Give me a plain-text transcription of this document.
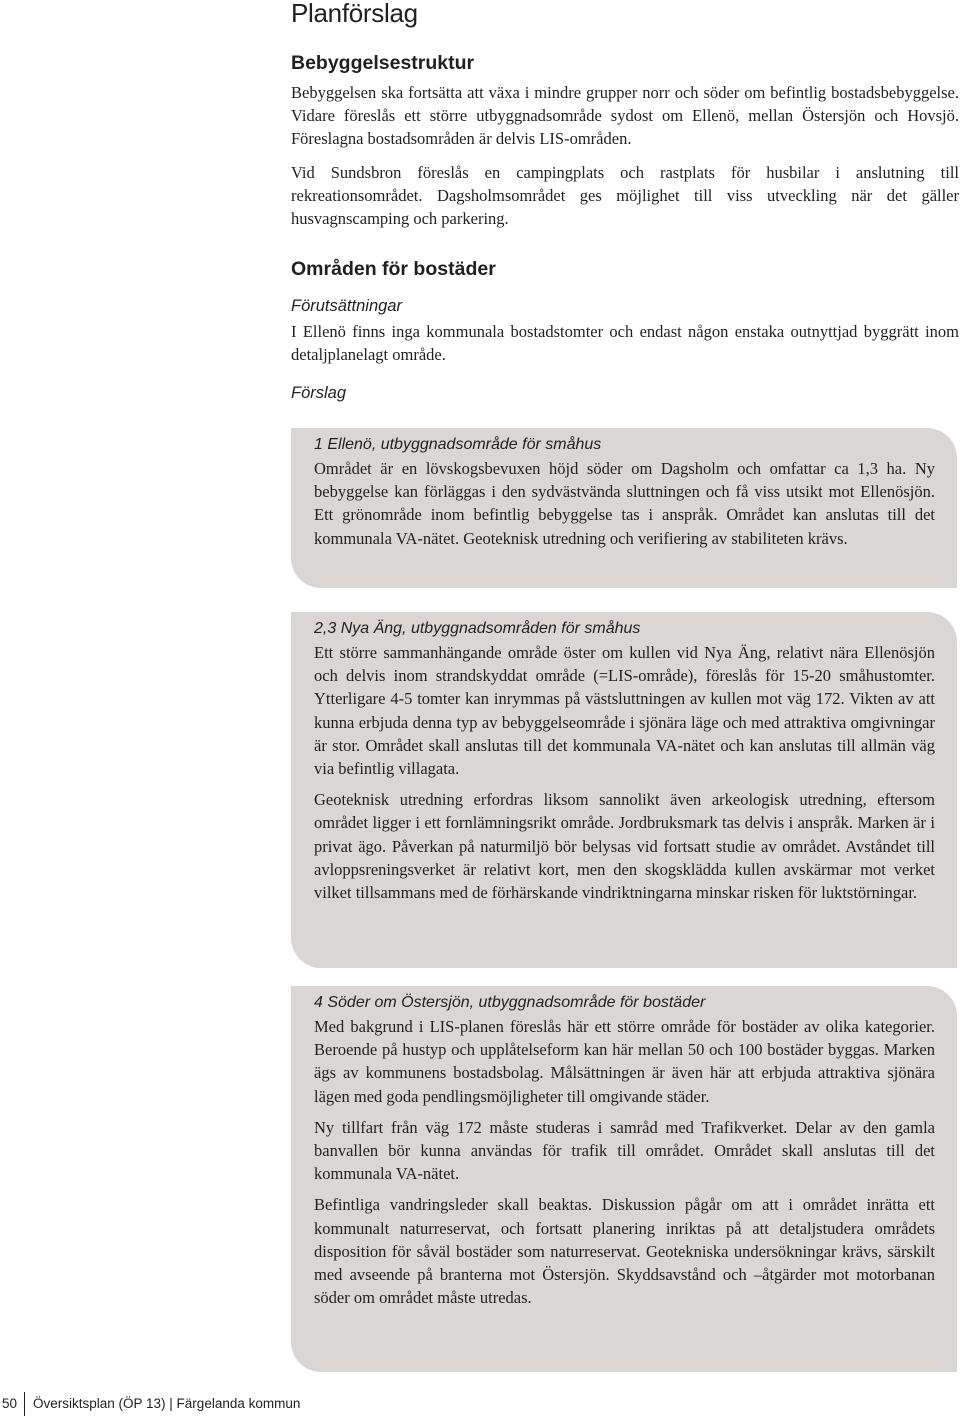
Planförslag
Bebyggelsestruktur

Bebyggelsen ska fortsätta att växa i mindre grupper norr och söder om befintlig bostadsbebyggelse. Vidare föreslås ett större utbyggnadsområde sydost om Ellenö, mellan Östersjön och Hovsjö. Föreslagna bostadsområden är delvis LIS-områden.

Vid Sundsbron föreslås en campingplats och rastplats för husbilar i anslutning till rekreationsområdet. Dagsholmsområdet ges möjlighet till viss utveckling när det gäller husvagnscamping och parkering.

Områden för bostäder

Förutsättningar

I Ellenö finns inga kommunala bostadstomter och endast någon enstaka outnyttjad byggrätt inom detaljplanelagt område.

Förslag

1 Ellenö, utbyggnadsområde för småhus

Området är en lövskogsbevuxen höjd söder om Dagsholm och omfattar ca 1,3 ha. Ny bebyggelse kan förläggas i den sydvästvända sluttningen och få viss utsikt mot Ellenösjön. Ett grönområde inom befintlig bebyggelse tas i anspråk. Området kan anslutas till det kommunala VA-nätet. Geoteknisk utredning och verifiering av stabiliteten krävs.

2,3 Nya Äng, utbyggnadsområden för småhus

Ett större sammanhängande område öster om kullen vid Nya Äng, relativt nära Ellenösjön och delvis inom strandskyddat område (=LIS-område), föreslås för 15-20 småhustomter. Ytterligare 4-5 tomter kan inrymmas på västsluttningen av kullen mot väg 172. Vikten av att kunna erbjuda denna typ av bebyggelseområde i sjönära läge och med attraktiva omgivningar är stor. Området skall anslutas till det kommunala VA-nätet och kan anslutas till allmän väg via befintlig villagata.

Geoteknisk utredning erfordras liksom sannolikt även arkeologisk utredning, eftersom området ligger i ett fornlämningsrikt område. Jordbruksmark tas delvis i anspråk. Marken är i privat ägo. Påverkan på naturmiljö bör belysas vid fortsatt studie av området. Avståndet till avloppsreningsverket är relativt kort, men den skogsklädda kullen avskärmar mot verket vilket tillsammans med de förhärskande vindriktningarna minskar risken för luktstörningar.

4 Söder om Östersjön, utbyggnadsområde för bostäder

Med bakgrund i LIS-planen föreslås här ett större område för bostäder av olika kategorier. Beroende på hustyp och upplåtelseform kan här mellan 50 och 100 bostäder byggas. Marken ägs av kommunens bostadsbolag. Målsättningen är även här att erbjuda attraktiva sjönära lägen med goda pendlingsmöjligheter till omgivande städer.

Ny tillfart från väg 172 måste studeras i samråd med Trafikverket. Delar av den gamla banvallen bör kunna användas för trafik till området. Området skall anslutas till det kommunala VA-nätet.

Befintliga vandringsleder skall beaktas. Diskussion pågår om att i området inrätta ett kommunalt naturreservat, och fortsatt planering inriktas på att detaljstudera områdets disposition för såväl bostäder som naturreservat. Geotekniska undersökningar krävs, särskilt med avseende på branterna mot Östersjön. Skyddsavstånd och –åtgärder mot motorbanan söder om området måste utredas.

50 Översiktsplan (ÖP 13) | Färgelanda kommun
